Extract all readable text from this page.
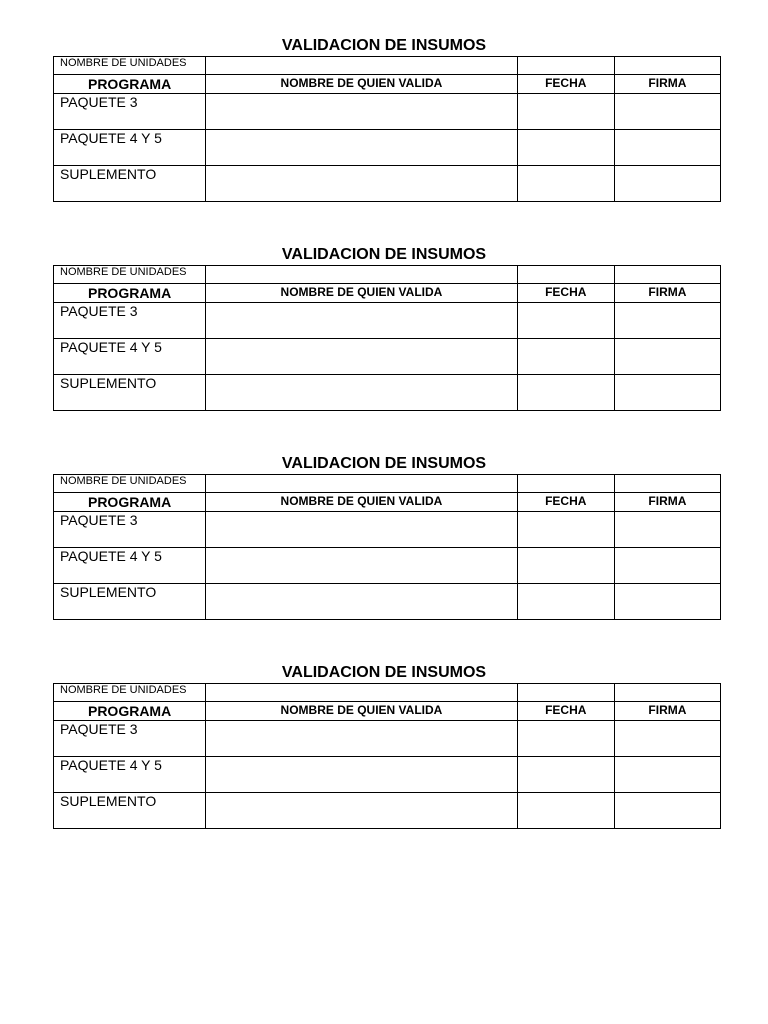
VALIDACION DE INSUMOS
NOMBRE DE UNIDADES			

PROGRAMA	NOMBRE DE QUIEN VALIDA	FECHA	FIRMA

PAQUETE 3			

PAQUETE 4 Y 5			

SUPLEMENTO			

VALIDACION DE INSUMOS
NOMBRE DE UNIDADES			

PROGRAMA	NOMBRE DE QUIEN VALIDA	FECHA	FIRMA

PAQUETE 3			

PAQUETE 4 Y 5			

SUPLEMENTO			

VALIDACION DE INSUMOS
NOMBRE DE UNIDADES			

PROGRAMA	NOMBRE DE QUIEN VALIDA	FECHA	FIRMA

PAQUETE 3			

PAQUETE 4 Y 5			

SUPLEMENTO			

VALIDACION DE INSUMOS
NOMBRE DE UNIDADES			

PROGRAMA	NOMBRE DE QUIEN VALIDA	FECHA	FIRMA

PAQUETE 3			

PAQUETE 4 Y 5			

SUPLEMENTO			
